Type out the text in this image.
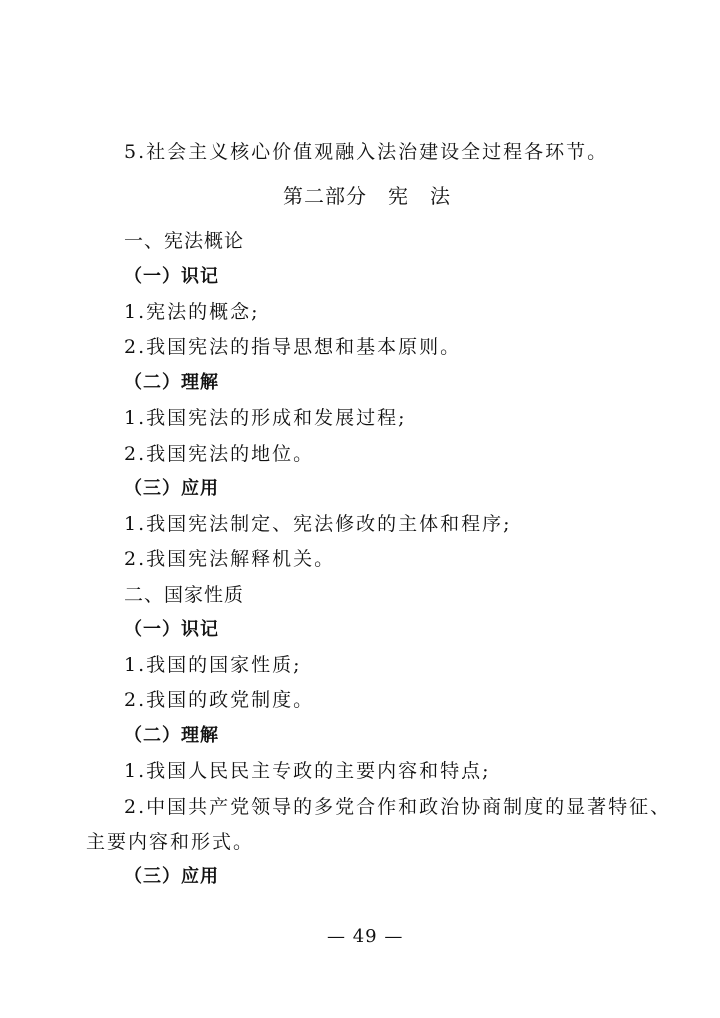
5.社会主义核心价值观融入法治建设全过程各环节。
第二部分　宪　法
一、宪法概论
（一）识记
1.宪法的概念;
2.我国宪法的指导思想和基本原则。
（二）理解
1.我国宪法的形成和发展过程;
2.我国宪法的地位。
（三）应用
1.我国宪法制定、宪法修改的主体和程序;
2.我国宪法解释机关。
二、国家性质
（一）识记
1.我国的国家性质;
2.我国的政党制度。
（二）理解
1.我国人民民主专政的主要内容和特点;
2.中国共产党领导的多党合作和政治协商制度的显著特征、
主要内容和形式。
（三）应用
— 49 —
